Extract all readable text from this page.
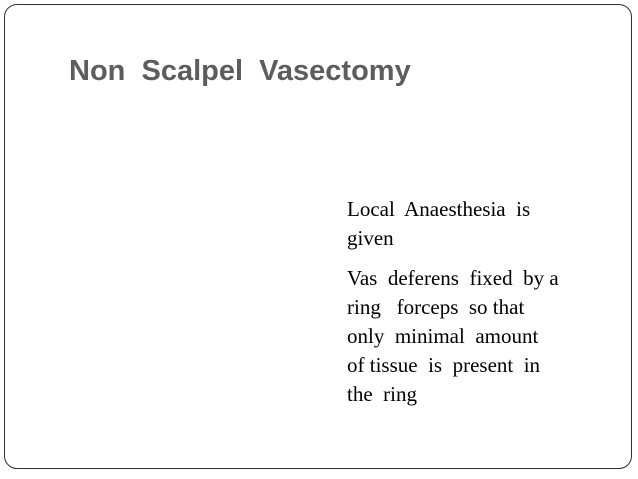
Non  Scalpel  Vasectomy
Local  Anaesthesia  is
given
Vas  deferens  fixed  by a
ring   forceps  so that
only  minimal  amount
of tissue  is  present  in
the  ring
